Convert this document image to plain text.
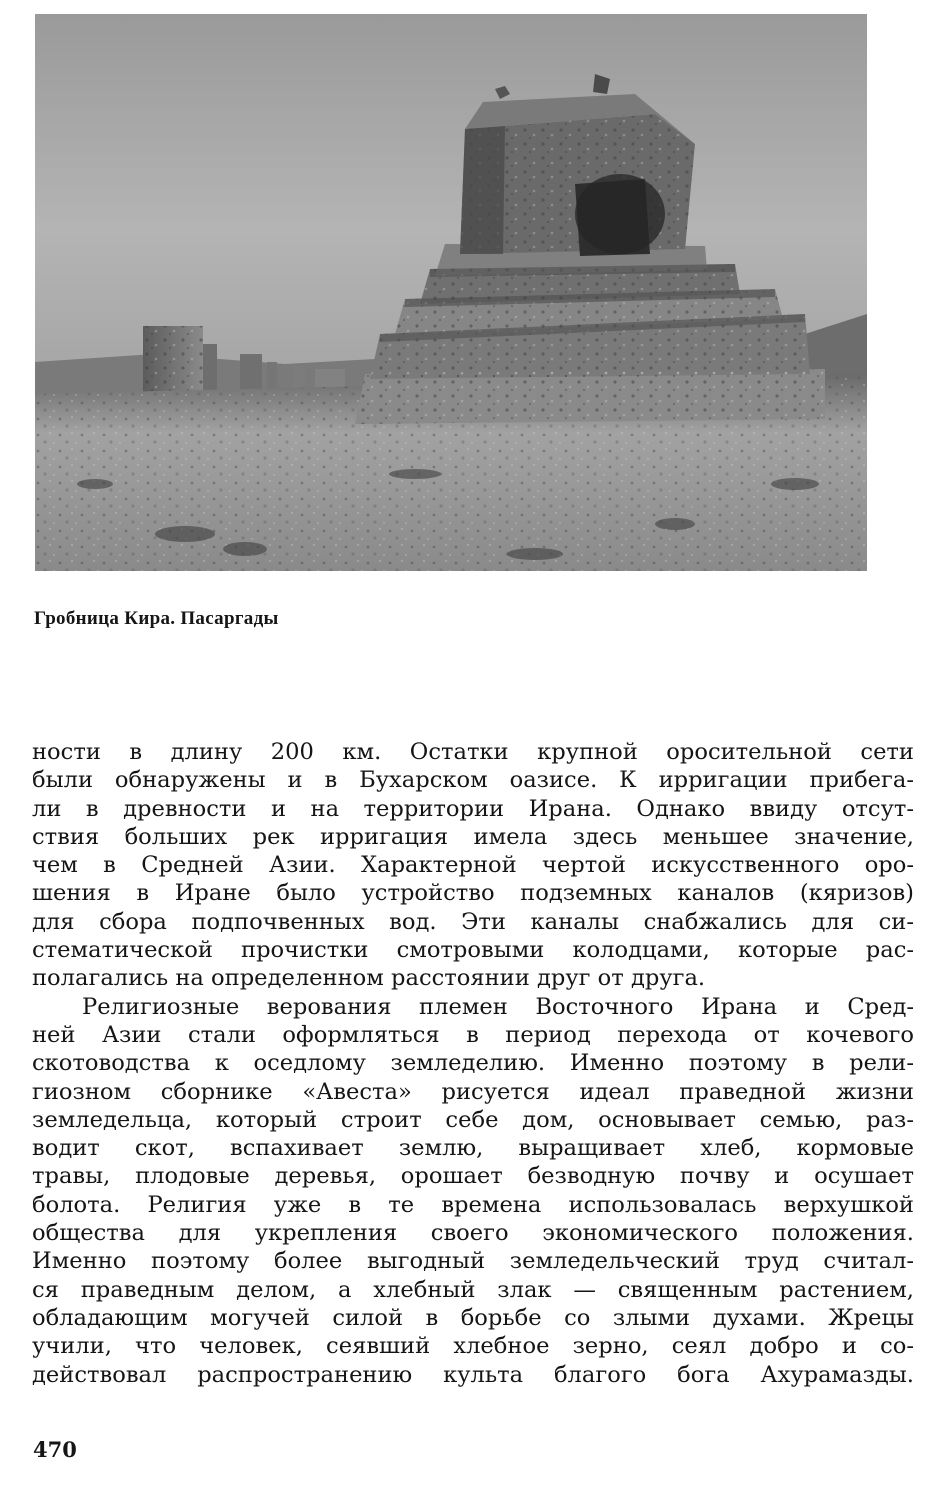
Гробница Кира. Пасаргады
ности в длину 200 км. Остатки крупной оросительной сети
были обнаружены и в Бухарском оазисе. К ирригации прибега-
ли в древности и на территории Ирана. Однако ввиду отсут-
ствия больших рек ирригация имела здесь меньшее значение,
чем в Средней Азии. Характерной чертой искусственного оро-
шения в Иране было устройство подземных каналов (кяризов)
для сбора подпочвенных вод. Эти каналы снабжались для си-
стематической прочистки смотровыми колодцами, которые рас-
полагались на определенном расстоянии друг от друга.
Религиозные верования племен Восточного Ирана и Сред-
ней Азии стали оформляться в период перехода от кочевого
скотоводства к оседлому земледелию. Именно поэтому в рели-
гиозном сборнике «Авеста» рисуется идеал праведной жизни
земледельца, который строит себе дом, основывает семью, раз-
водит скот, вспахивает землю, выращивает хлеб, кормовые
травы, плодовые деревья, орошает безводную почву и осушает
болота. Религия уже в те времена использовалась верхушкой
общества для укрепления своего экономического положения.
Именно поэтому более выгодный земледельческий труд считал-
ся праведным делом, а хлебный злак — священным растением,
обладающим могучей силой в борьбе со злыми духами. Жрецы
учили, что человек, сеявший хлебное зерно, сеял добро и со-
действовал распространению культа благого бога Ахурамазды.
470
